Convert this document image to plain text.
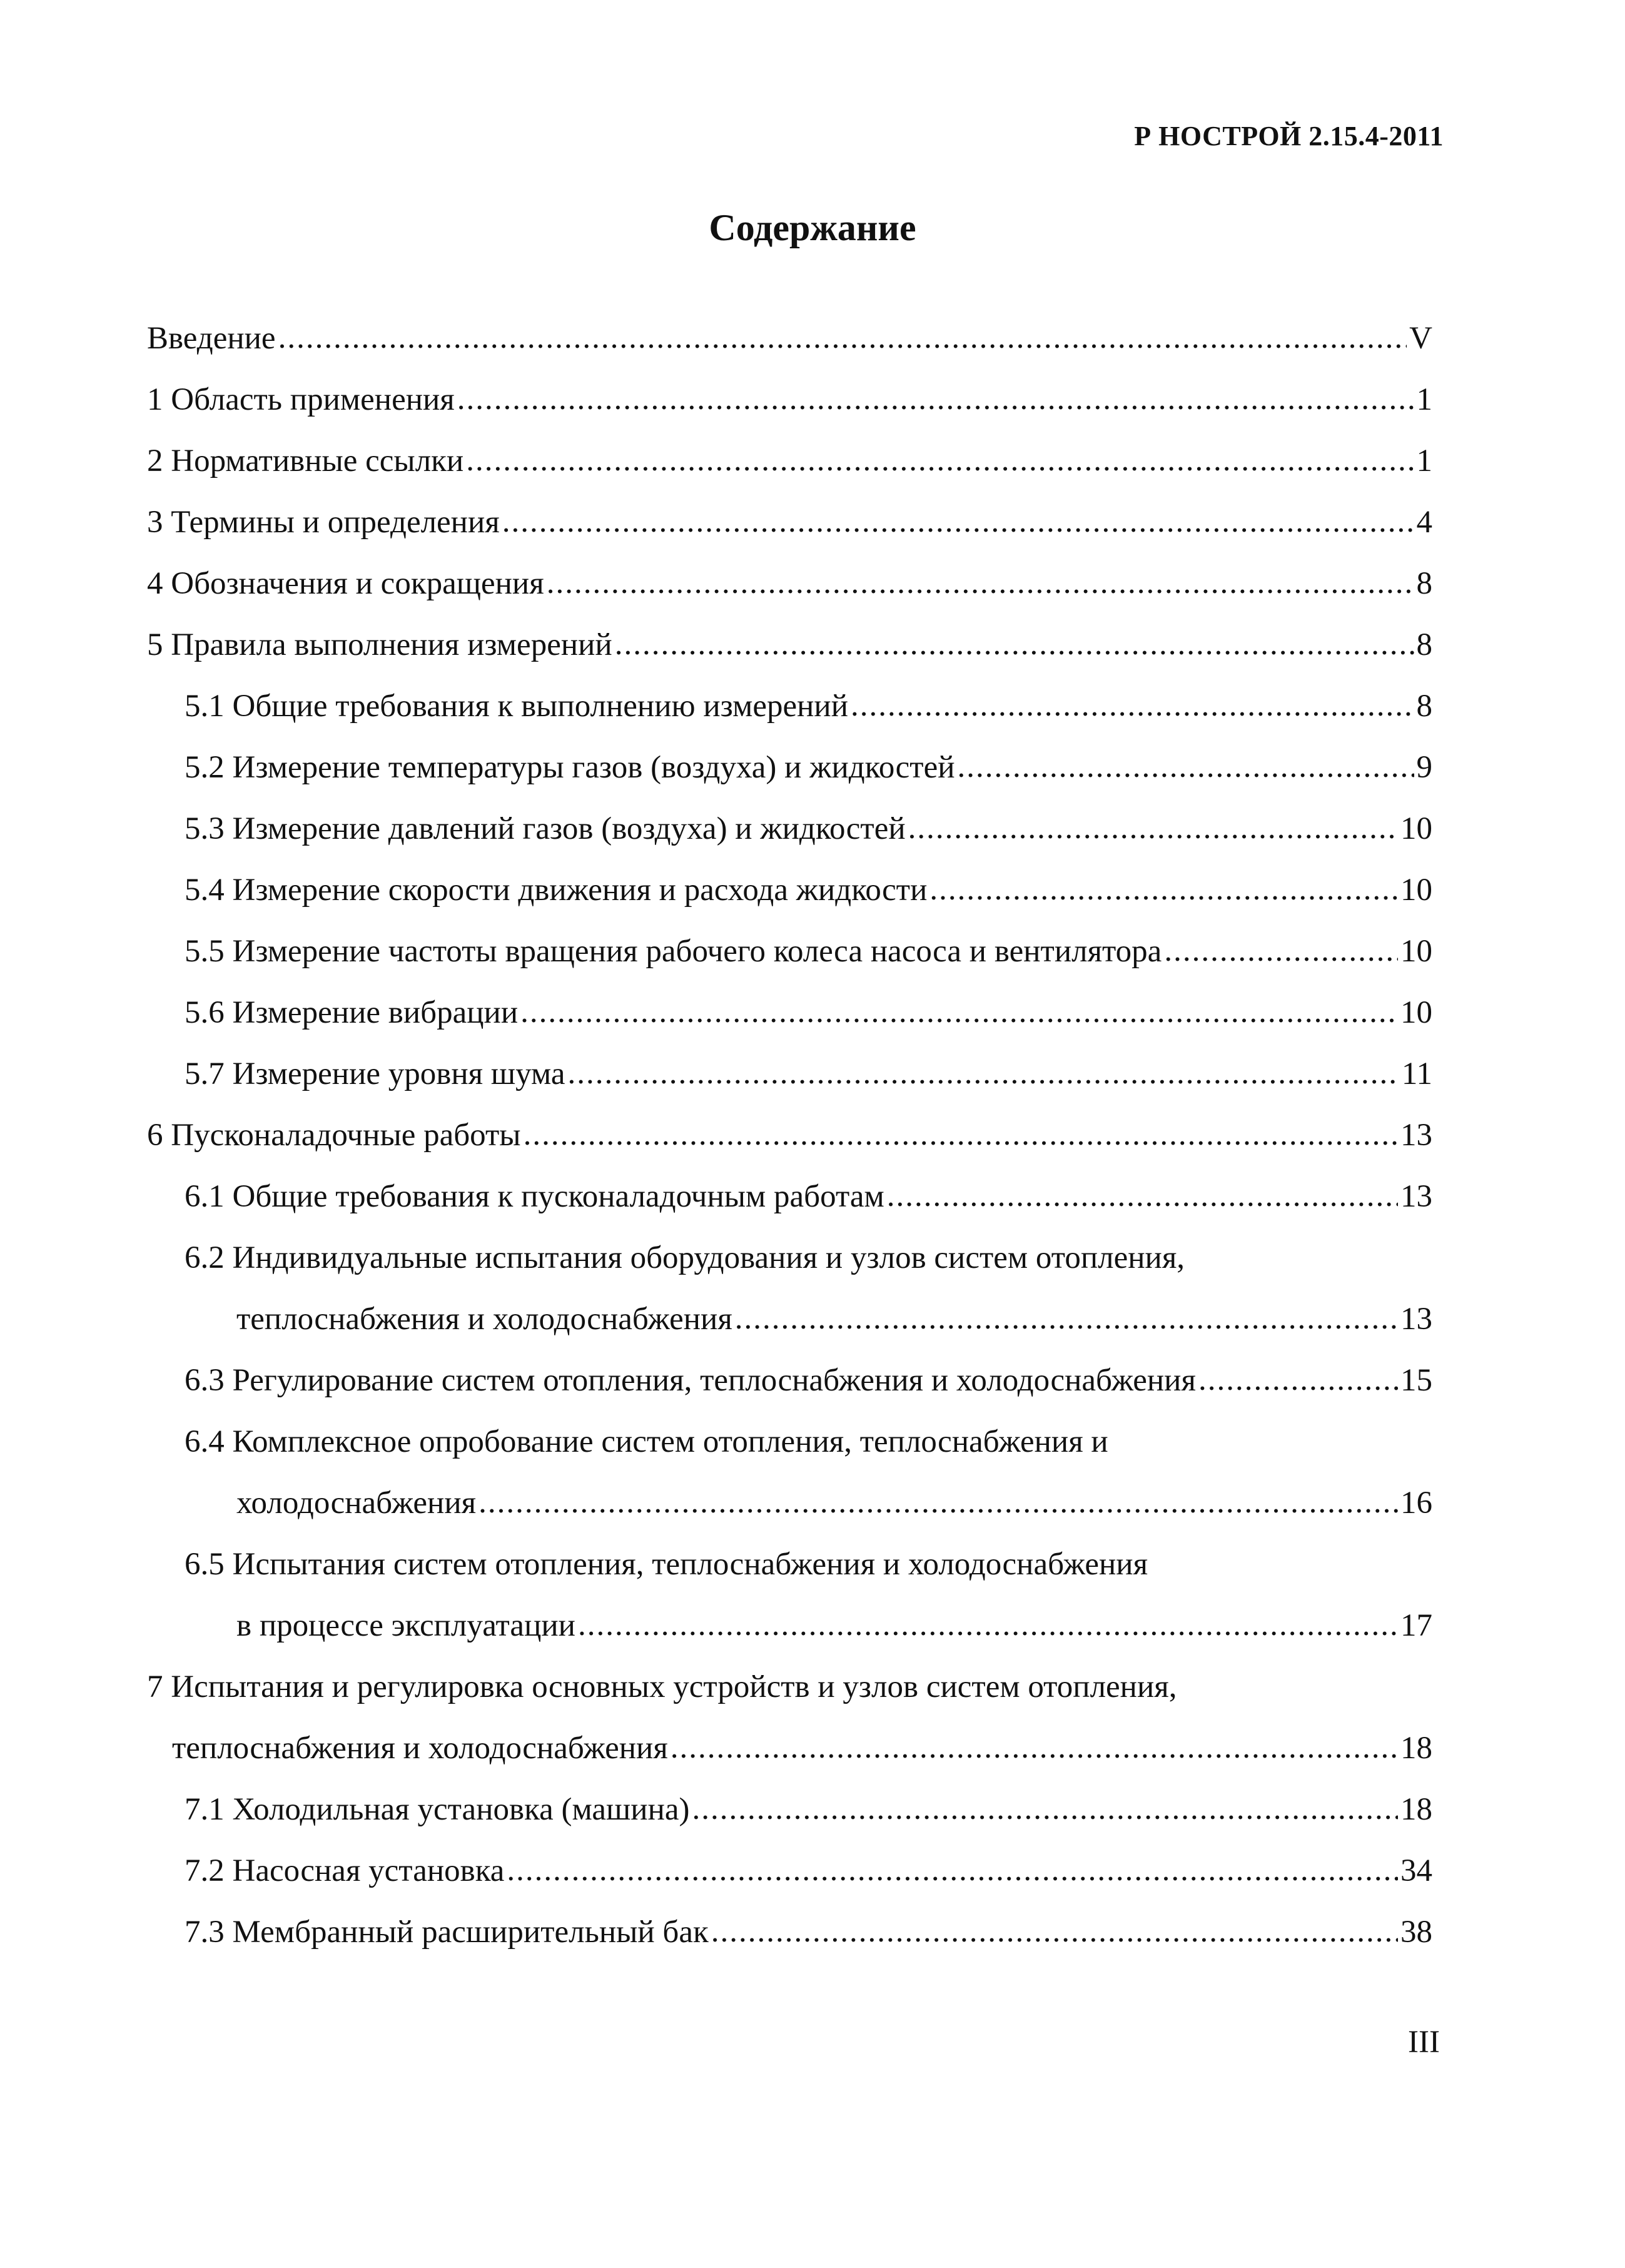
Р НОСТРОЙ 2.15.4-2011
Содержание
Введение .....	V
1 Область применения .....	1
2 Нормативные ссылки .....	1
3 Термины и определения .....	4
4 Обозначения и сокращения .....	8
5 Правила выполнения измерений .....	8
5.1 Общие требования к выполнению измерений .....	8
5.2 Измерение температуры газов (воздуха) и жидкостей .....	9
5.3 Измерение давлений газов (воздуха) и жидкостей .....	10
5.4 Измерение скорости движения и расхода жидкости .....	10
5.5 Измерение частоты вращения рабочего колеса насоса и вентилятора .....	10
5.6 Измерение вибрации .....	10
5.7 Измерение уровня шума .....	11
6 Пусконаладочные работы .....	13
6.1 Общие требования к пусконаладочным работам .....	13
6.2 Индивидуальные испытания оборудования и узлов систем отопления,
теплоснабжения и холодоснабжения .....	13
6.3 Регулирование систем отопления, теплоснабжения и холодоснабжения .....	15
6.4 Комплексное опробование систем отопления, теплоснабжения и
холодоснабжения .....	16
6.5 Испытания систем отопления, теплоснабжения и холодоснабжения
в процессе эксплуатации .....	17
7 Испытания и регулировка основных устройств и узлов систем отопления,
теплоснабжения и холодоснабжения .....	18
7.1 Холодильная установка (машина) .....	18
7.2 Насосная установка .....	34
7.3 Мембранный расширительный бак .....	38
III
